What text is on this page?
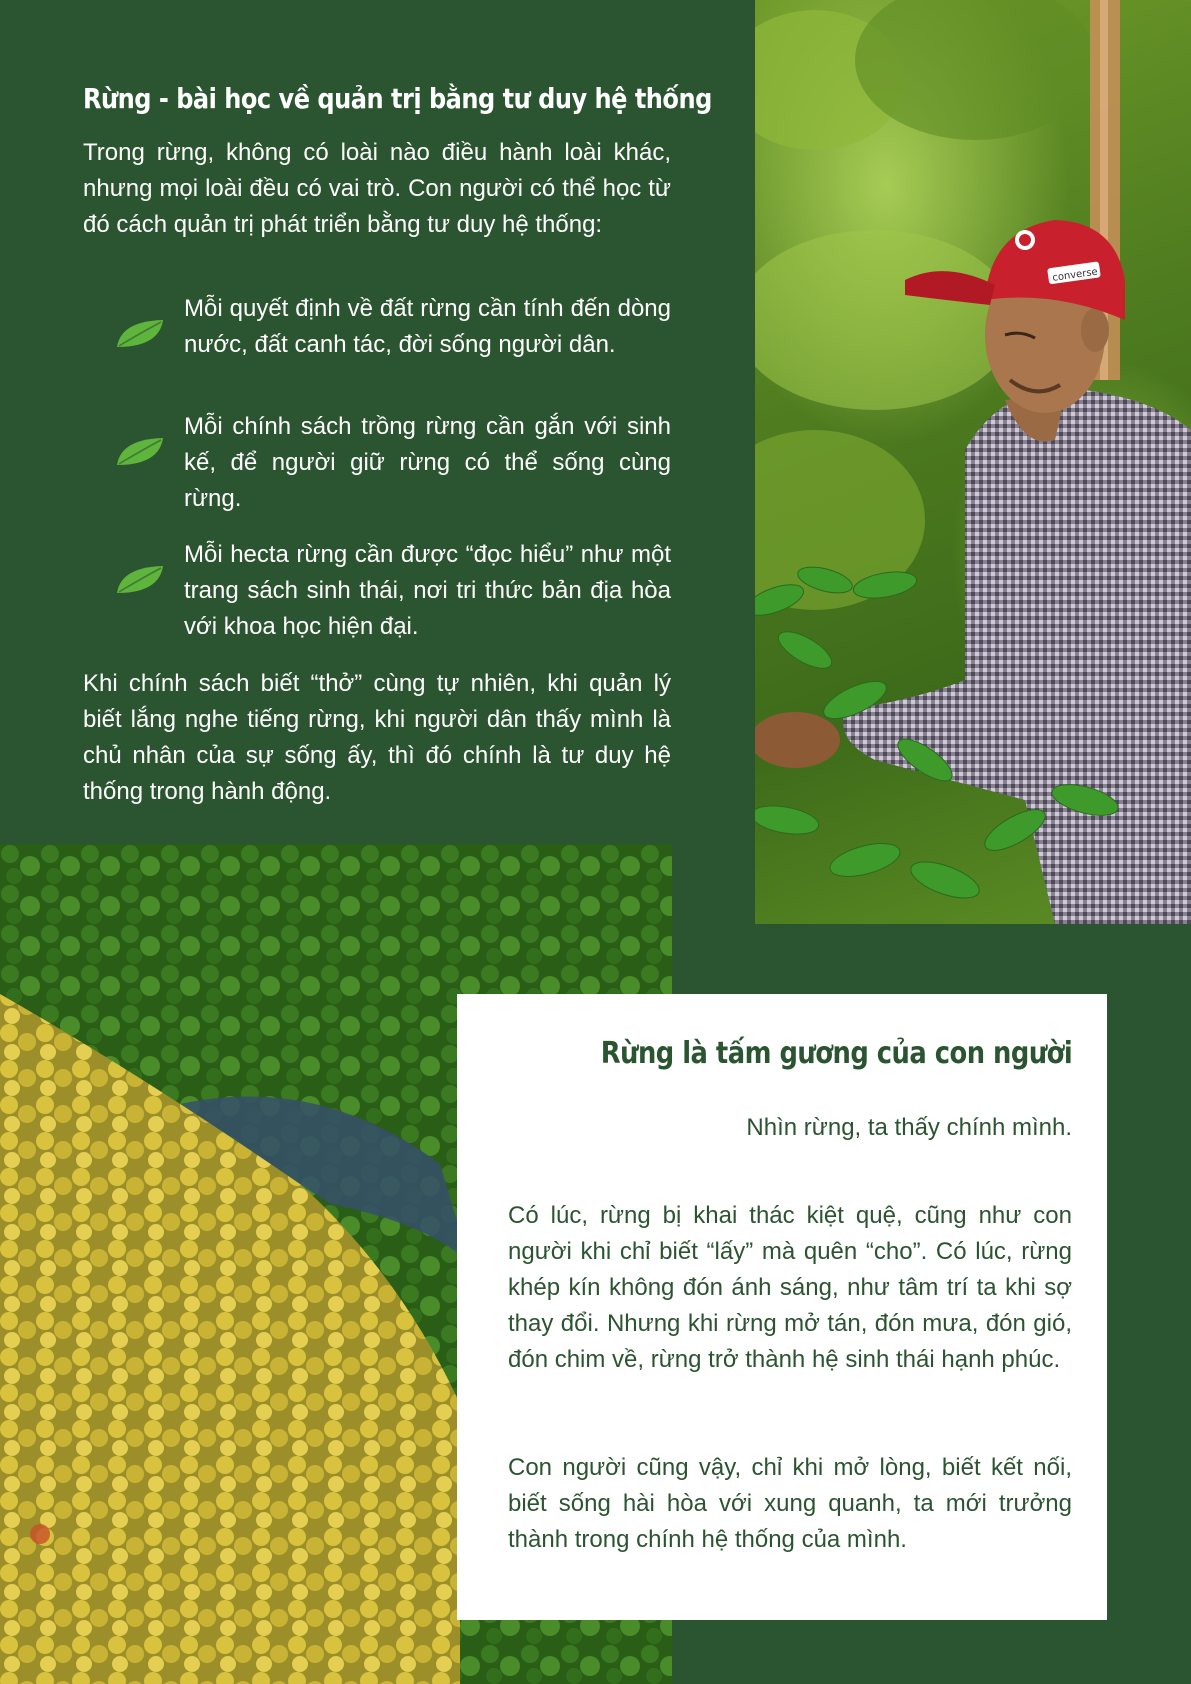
converse
Rừng - bài học về quản trị bằng tư duy hệ thống

Trong rừng, không có loài nào điều hành loài khác, nhưng mọi loài đều có vai trò. Con người có thể học từ đó cách quản trị phát triển bằng tư duy hệ thống:

Mỗi quyết định về đất rừng cần tính đến dòng nước, đất canh tác, đời sống người dân.
Mỗi chính sách trồng rừng cần gắn với sinh kế, để người giữ rừng có thể sống cùng rừng.
Mỗi hecta rừng cần được “đọc hiểu” như một trang sách sinh thái, nơi tri thức bản địa hòa với khoa học hiện đại.

Khi chính sách biết “thở” cùng tự nhiên, khi quản lý biết lắng nghe tiếng rừng, khi người dân thấy mình là chủ nhân của sự sống ấy, thì đó chính là tư duy hệ thống trong hành động.

Rừng là tấm gương của con người

Nhìn rừng, ta thấy chính mình.

Có lúc, rừng bị khai thác kiệt quệ, cũng như con người khi chỉ biết “lấy” mà quên “cho”. Có lúc, rừng khép kín không đón ánh sáng, như tâm trí ta khi sợ thay đổi. Nhưng khi rừng mở tán, đón mưa, đón gió, đón chim về, rừng trở thành hệ sinh thái hạnh phúc.

Con người cũng vậy, chỉ khi mở lòng, biết kết nối, biết sống hài hòa với xung quanh, ta mới trưởng thành trong chính hệ thống của mình.
